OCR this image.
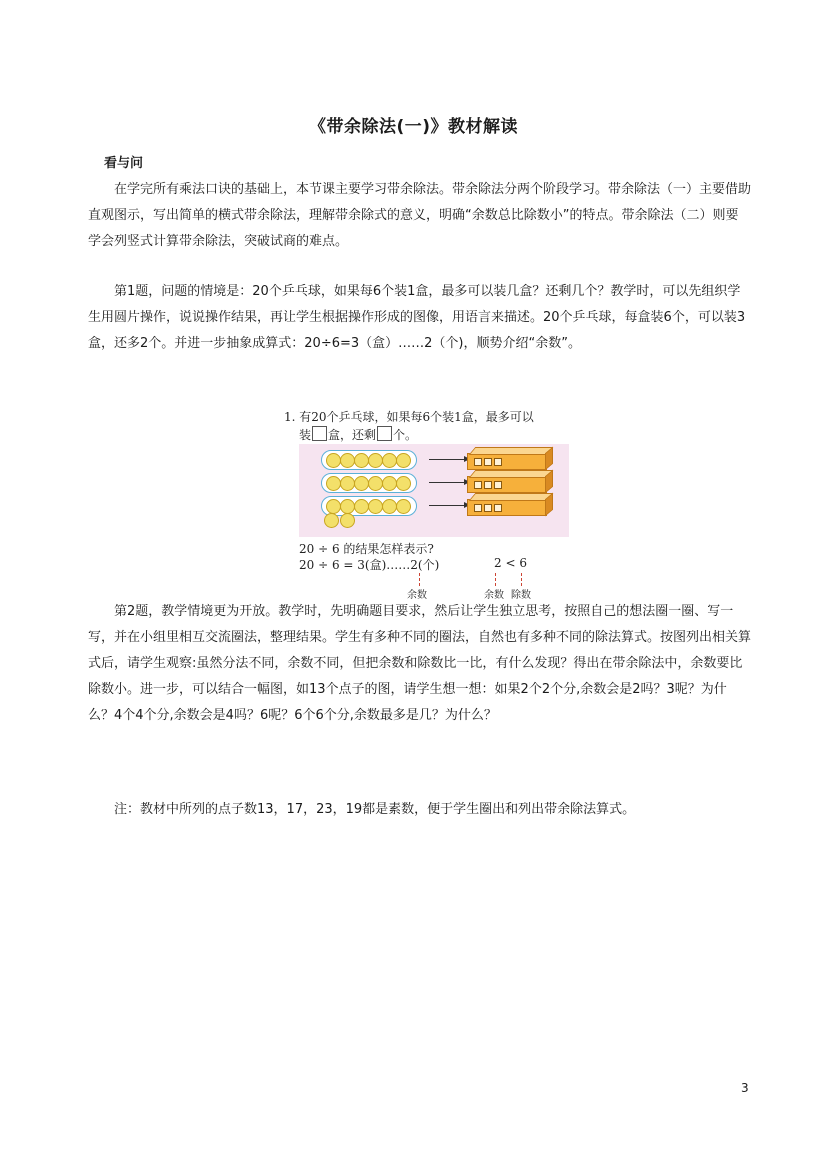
《带余除法(一)》教材解读
看与问

　　在学完所有乘法口诀的基础上，本节课主要学习带余除法。带余除法分两个阶段学习。带余除法（一）主要借助直观图示，写出简单的横式带余除法，理解带余除式的意义，明确“余数总比除数小”的特点。带余除法（二）则要学会列竖式计算带余除法，突破试商的难点。

　　第1题，问题的情境是：20个乒乓球，如果每6个装1盒，最多可以装几盒？还剩几个？教学时，可以先组织学生用圆片操作，说说操作结果，再让学生根据操作形成的图像，用语言来描述。20个乒乓球，每盒装6个，可以装3盒，还多2个。并进一步抽象成算式：20÷6=3（盒）……2（个)，顺势介绍“余数”。

1. 有20个乒乓球，如果每6个装1盒，最多可以
装 盒，还剩 个。
20 ÷ 6 的结果怎样表示?
20 ÷ 6 = 3(盒)……2(个)	2 < 6
余数	余数 除数

　　第2题，教学情境更为开放。教学时，先明确题目要求，然后让学生独立思考，按照自己的想法圈一圈、写一写，并在小组里相互交流圈法，整理结果。学生有多种不同的圈法，自然也有多种不同的除法算式。按图列出相关算式后，请学生观察:虽然分法不同，余数不同，但把余数和除数比一比，有什么发现？得出在带余除法中，余数要比除数小。进一步，可以结合一幅图，如13个点子的图，请学生想一想：如果2个2个分,余数会是2吗？3呢？为什么？4个4个分,余数会是4吗？6呢？6个6个分,余数最多是几？为什么？

　　注：教材中所列的点子数13，17，23，19都是素数，便于学生圈出和列出带余除法算式。

3
